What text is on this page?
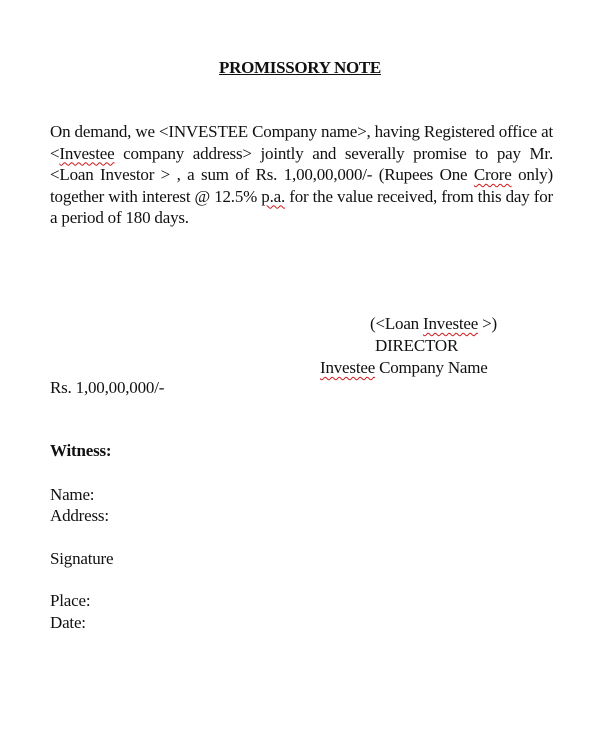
PROMISSORY NOTE
On demand, we <INVESTEE Company name>, having Registered office at <Investee company address> jointly and severally promise to pay Mr. <Loan Investor > , a sum of Rs. 1,00,00,000/- (Rupees One Crore only) together with interest @ 12.5% p.a. for the value received, from this day for a period of 180 days.
(<Loan Investee >)
DIRECTOR
Investee Company Name
Rs. 1,00,00,000/-
Witness:
Name:
Address:
Signature
Place:
Date:
